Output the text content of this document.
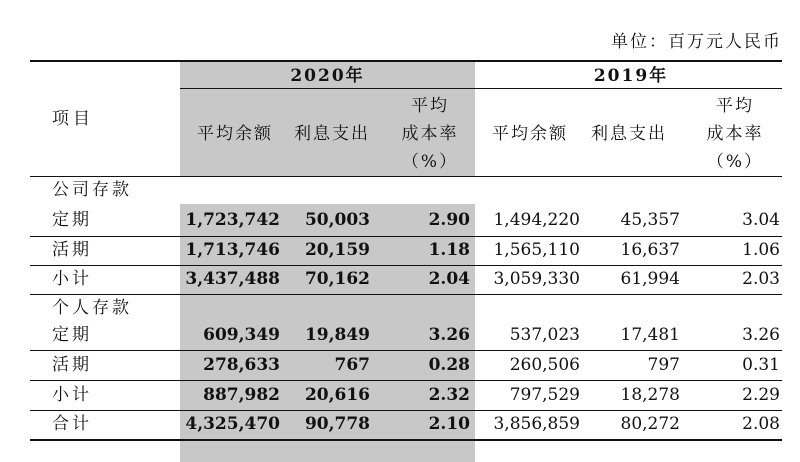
单位：百万元人民币
项目
2020年	2019年
平均余额	利息支出
平均
成本率
（%）
平均余额	利息支出
平均
成本率
（%）
公司存款
定期	1,723,742	50,003	2.90	1,494,220	45,357	3.04
活期	1,713,746	20,159	1.18	1,565,110	16,637	1.06
小计	3,437,488	70,162	2.04	3,059,330	61,994	2.03
个人存款
定期	609,349	19,849	3.26	537,023	17,481	3.26
活期	278,633	767	0.28	260,506	797	0.31
小计	887,982	20,616	2.32	797,529	18,278	2.29
合计	4,325,470	90,778	2.10	3,856,859	80,272	2.08
